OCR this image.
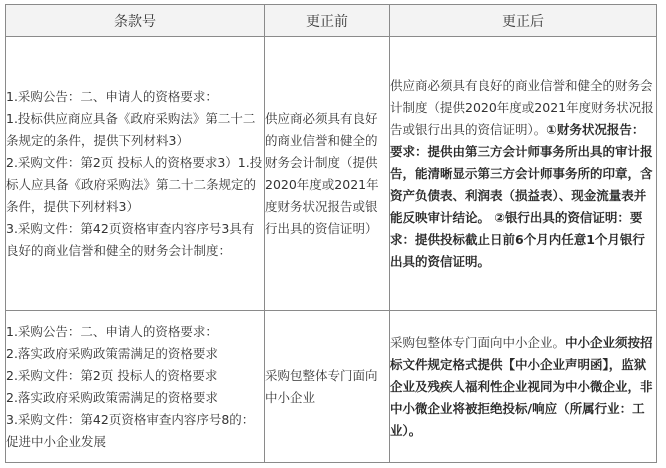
条款号	更正前	更正后

1.采购公告：二、申请人的资格要求：
1.投标供应商应具备《政府采购法》第二十二条规定的条件，提供下列材料3）
2.采购文件：第2页 投标人的资格要求3）1.投标人应具备《政府采购法》第二十二条规定的条件，提供下列材料3）
3.采购文件：第42页资格审查内容序号3具有良好的商业信誉和健全的财务会计制度：	供应商必须具有良好的商业信誉和健全的财务会计制度（提供2020年度或2021年度财务状况报告或银行出具的资信证明）	供应商必须具有良好的商业信誉和健全的财务会计制度（提供2020年度或2021年度财务状况报告或银行出具的资信证明）。①财务状况报告：要求：提供由第三方会计师事务所出具的审计报告，能清晰显示第三方会计师事务所的印章，含资产负债表、利润表（损益表）、现金流量表并能反映审计结论。 ②银行出具的资信证明：要求：提供投标截止日前6个月内任意1个月银行出具的资信证明。

1.采购公告：二、申请人的资格要求：
2.落实政府采购政策需满足的资格要求
2.采购文件：第2页 投标人的资格要求
2.落实政府采购政策需满足的资格要求
3.采购文件：第42页资格审查内容序号8的：促进中小企业发展	采购包整体专门面向中小企业	采购包整体专门面向中小企业。中小企业须按招标文件规定格式提供【中小企业声明函】，监狱企业及残疾人福利性企业视同为中小微企业，非中小微企业将被拒绝投标/响应（所属行业：工业）。
